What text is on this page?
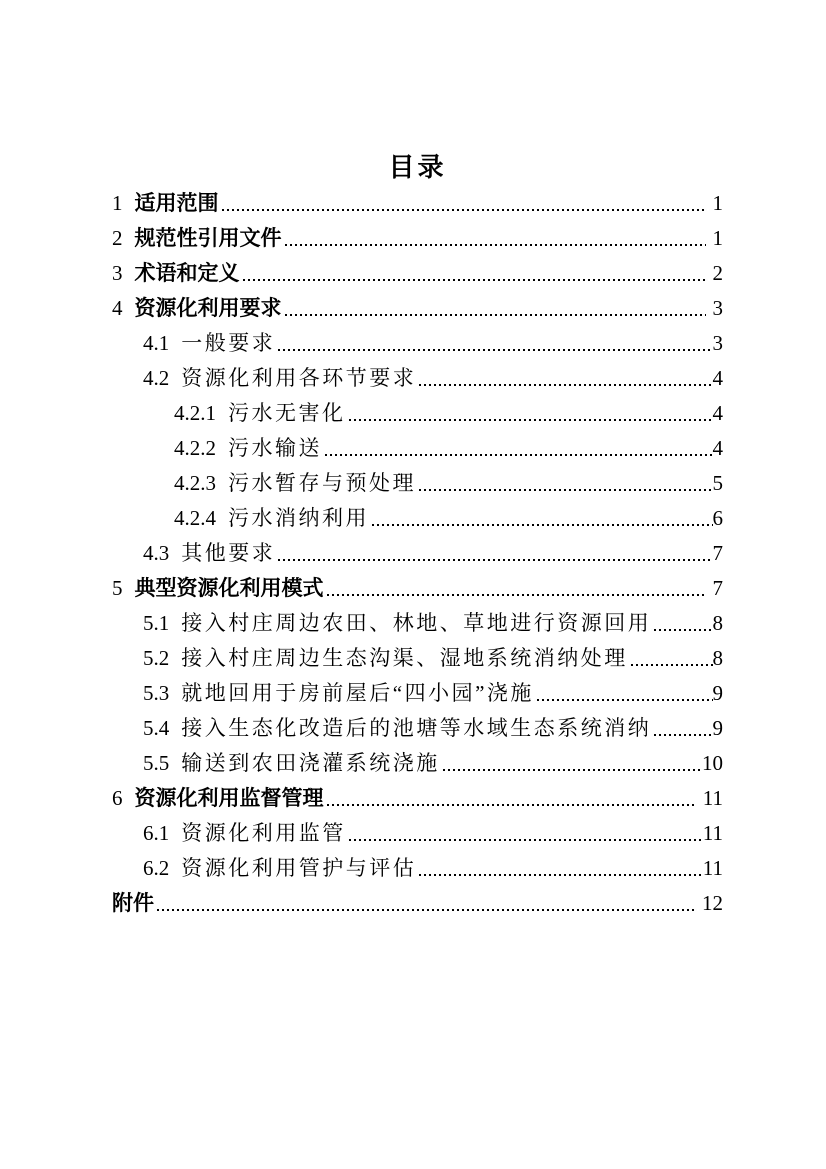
目录
1 适用范围	1
2 规范性引用文件	1
3 术语和定义	2
4 资源化利用要求	3
4.1 一般要求	3
4.2 资源化利用各环节要求	4
4.2.1 污水无害化	4
4.2.2 污水输送	4
4.2.3 污水暂存与预处理	5
4.2.4 污水消纳利用	6
4.3 其他要求	7
5 典型资源化利用模式	7
5.1 接入村庄周边农田、林地、草地进行资源回用	8
5.2 接入村庄周边生态沟渠、湿地系统消纳处理	8
5.3 就地回用于房前屋后“四小园”浇施	9
5.4 接入生态化改造后的池塘等水域生态系统消纳	9
5.5 输送到农田浇灌系统浇施	10
6 资源化利用监督管理	11
6.1 资源化利用监管	11
6.2 资源化利用管护与评估	11
附件	12
